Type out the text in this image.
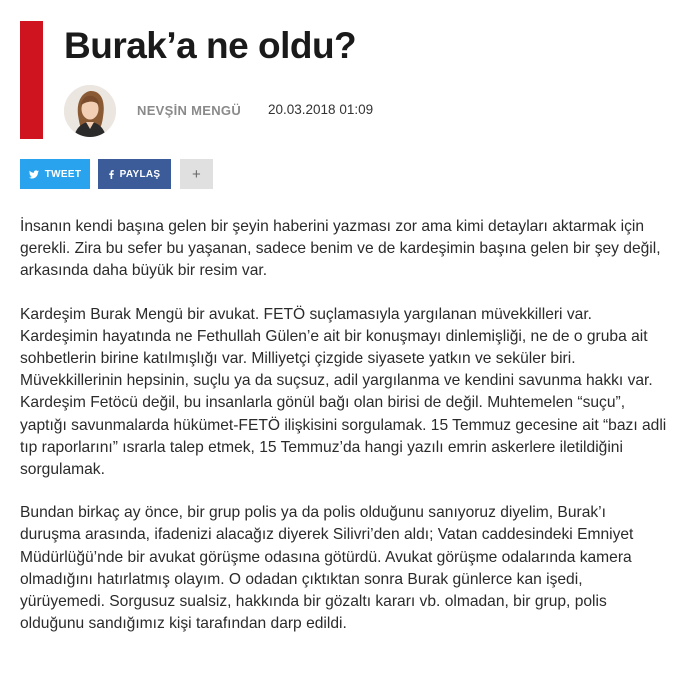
Burak’a ne oldu?
NEVŞİN MENGÜ 20.03.2018 01:09
TWEET	PAYLAŞ	+

İnsanın kendi başına gelen bir şeyin haberini yazması zor ama kimi detayları aktarmak için gerekli. Zira bu sefer bu yaşanan, sadece benim ve de kardeşimin başına gelen bir şey değil, arkasında daha büyük bir resim var.

Kardeşim Burak Mengü bir avukat. FETÖ suçlamasıyla yargılanan müvekkilleri var. Kardeşimin hayatında ne Fethullah Gülen’e ait bir konuşmayı dinlemişliği, ne de o gruba ait sohbetlerin birine katılmışlığı var. Milliyetçi çizgide siyasete yatkın ve seküler biri. Müvekkillerinin hepsinin, suçlu ya da suçsuz, adil yargılanma ve kendini savunma hakkı var. Kardeşim Fetöcü değil, bu insanlarla gönül bağı olan birisi de değil. Muhtemelen “suçu”, yaptığı savunmalarda hükümet-FETÖ ilişkisini sorgulamak. 15 Temmuz gecesine ait “bazı adli tıp raporlarını” ısrarla talep etmek, 15 Temmuz’da hangi yazılı emrin askerlere iletildiğini sorgulamak.

Bundan birkaç ay önce, bir grup polis ya da polis olduğunu sanıyoruz diyelim, Burak’ı duruşma arasında, ifadenizi alacağız diyerek Silivri’den aldı; Vatan caddesindeki Emniyet Müdürlüğü’nde bir avukat görüşme odasına götürdü. Avukat görüşme odalarında kamera olmadığını hatırlatmış olayım. O odadan çıktıktan sonra Burak günlerce kan işedi, yürüyemedi. Sorgusuz sualsiz, hakkında bir gözaltı kararı vb. olmadan, bir grup, polis olduğunu sandığımız kişi tarafından darp edildi.
